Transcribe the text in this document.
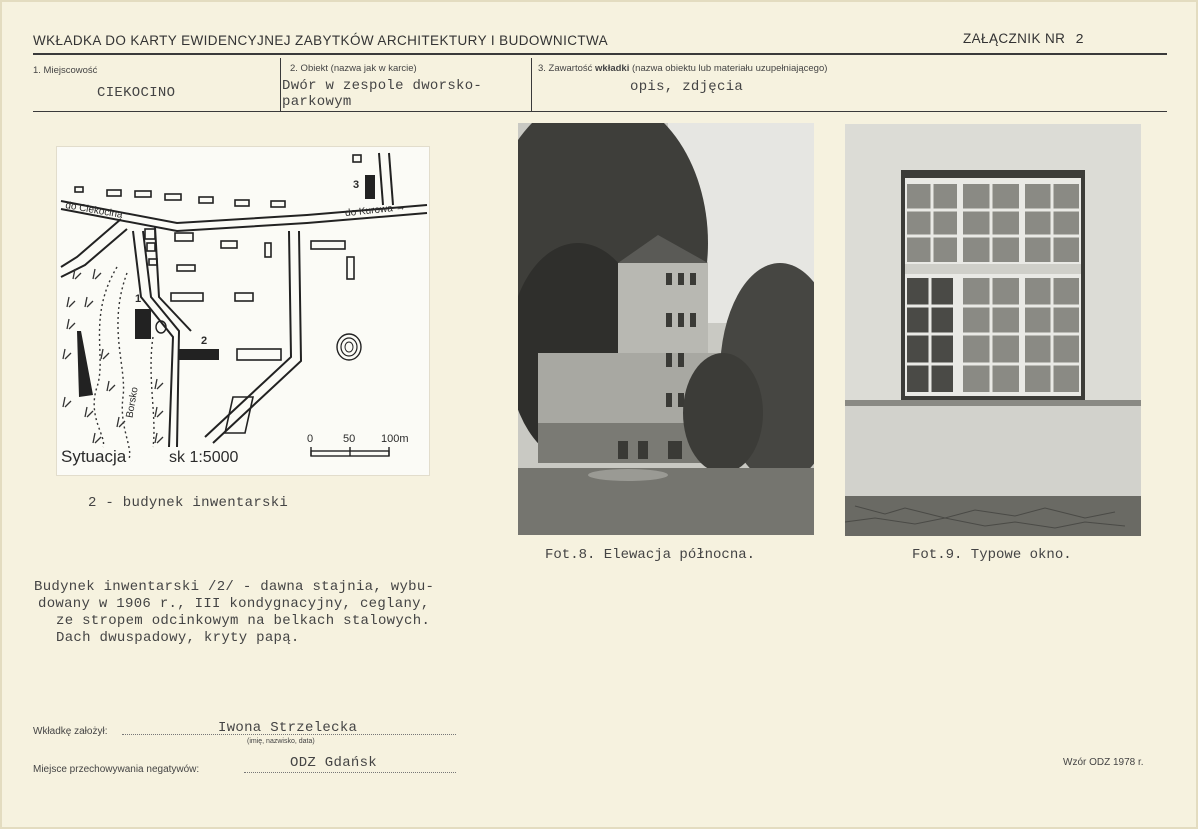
WKŁADKA DO KARTY EWIDENCYJNEJ ZABYTKÓW ARCHITEKTURY I BUDOWNICTWA	ZAŁĄCZNIK NR 2
1. Miejscowość	2. Obiekt (nazwa jak w karcie)	3. Zawartość wkładki (nazwa obiektu lub materiału uzupełniającego)
CIEKOCINO	Dwór w zespole dworsko-
parkowym
opis, zdjęcia
do Ciekocina	do Kurowa →
1
2
3
Borsko
Sytuacja	sk 1:5000
0	50 100m
2 - budynek inwentarski
Fot.8. Elewacja północna.	Fot.9. Typowe okno.
Budynek inwentarski /2/ - dawna stajnia, wybu-
dowany w 1906 r., III kondygnacyjny, ceglany,
ze stropem odcinkowym na belkach stalowych.
Dach dwuspadowy, kryty papą.
Wkładkę założył:	Iwona Strzelecka
(imię, nazwisko, data)
Miejsce przechowywania negatywów:	ODZ Gdańsk	Wzór ODZ 1978 r.
